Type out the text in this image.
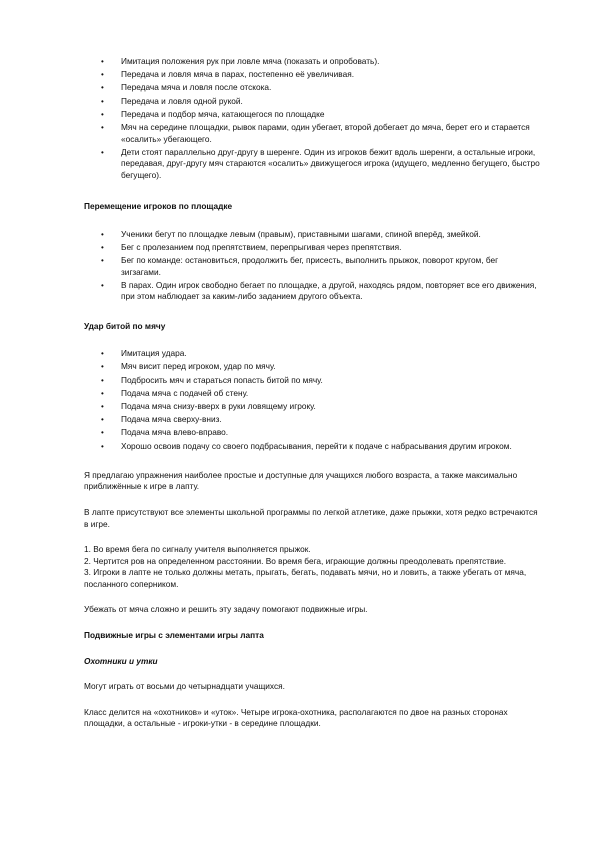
• Имитация положения рук при ловле мяча (показать и опробовать).
• Передача и ловля мяча в парах, постепенно её увеличивая.
• Передача мяча и ловля после отскока.
• Передача и ловля одной рукой.
• Передача и подбор мяча, катающегося по площадке
• Мяч на середине площадки, рывок парами, один убегает, второй добегает до мяча, берет его и старается «осалить» убегающего.
• Дети стоят параллельно друг-другу в шеренге. Один из игроков бежит вдоль шеренги, а остальные игроки, передавая, друг-другу мяч стараются «осалить» движущегося игрока (идущего, медленно бегущего, быстро бегущего).

Перемещение игроков по площадке

• Ученики бегут по площадке левым (правым), приставными шагами, спиной вперёд, змейкой.
• Бег с пролезанием под препятствием, перепрыгивая через препятствия.
• Бег по команде: остановиться, продолжить бег, присесть, выполнить прыжок, поворот кругом, бег зигзагами.
• В парах. Один игрок свободно бегает по площадке, а другой, находясь рядом, повторяет все его движения, при этом наблюдает за каким-либо заданием другого объекта.

Удар битой по мячу

• Имитация удара.
• Мяч висит перед игроком, удар по мячу.
• Подбросить мяч и стараться попасть битой по мячу.
• Подача мяча с подачей об стену.
• Подача мяча снизу-вверх в руки ловящему игроку.
• Подача мяча сверху-вниз.
• Подача мяча влево-вправо.
• Хорошо освоив подачу со своего подбрасывания, перейти к подаче с набрасывания другим игроком.

Я предлагаю упражнения наиболее простые и доступные для учащихся любого возраста, а также максимально приближённые к игре в лапту.

В лапте присутствуют все элементы школьной программы по легкой атлетике, даже прыжки, хотя редко встречаются в игре.

1. Во время бега по сигналу учителя выполняется прыжок.

2. Чертится ров на определенном расстоянии. Во время бега, играющие должны преодолевать препятствие.

3. Игроки в лапте не только должны метать, прыгать, бегать, подавать мячи, но и ловить, а также убегать от мяча, посланного соперником.

Убежать от мяча сложно и решить эту задачу помогают подвижные игры.

Подвижные игры с элементами игры лапта

Охотники и утки

Могут играть от восьми до четырнадцати учащихся.

Класс делится на «охотников» и «уток». Четыре игрока-охотника, располагаются по двое на разных сторонах площадки, а остальные - игроки-утки - в середине площадки.
